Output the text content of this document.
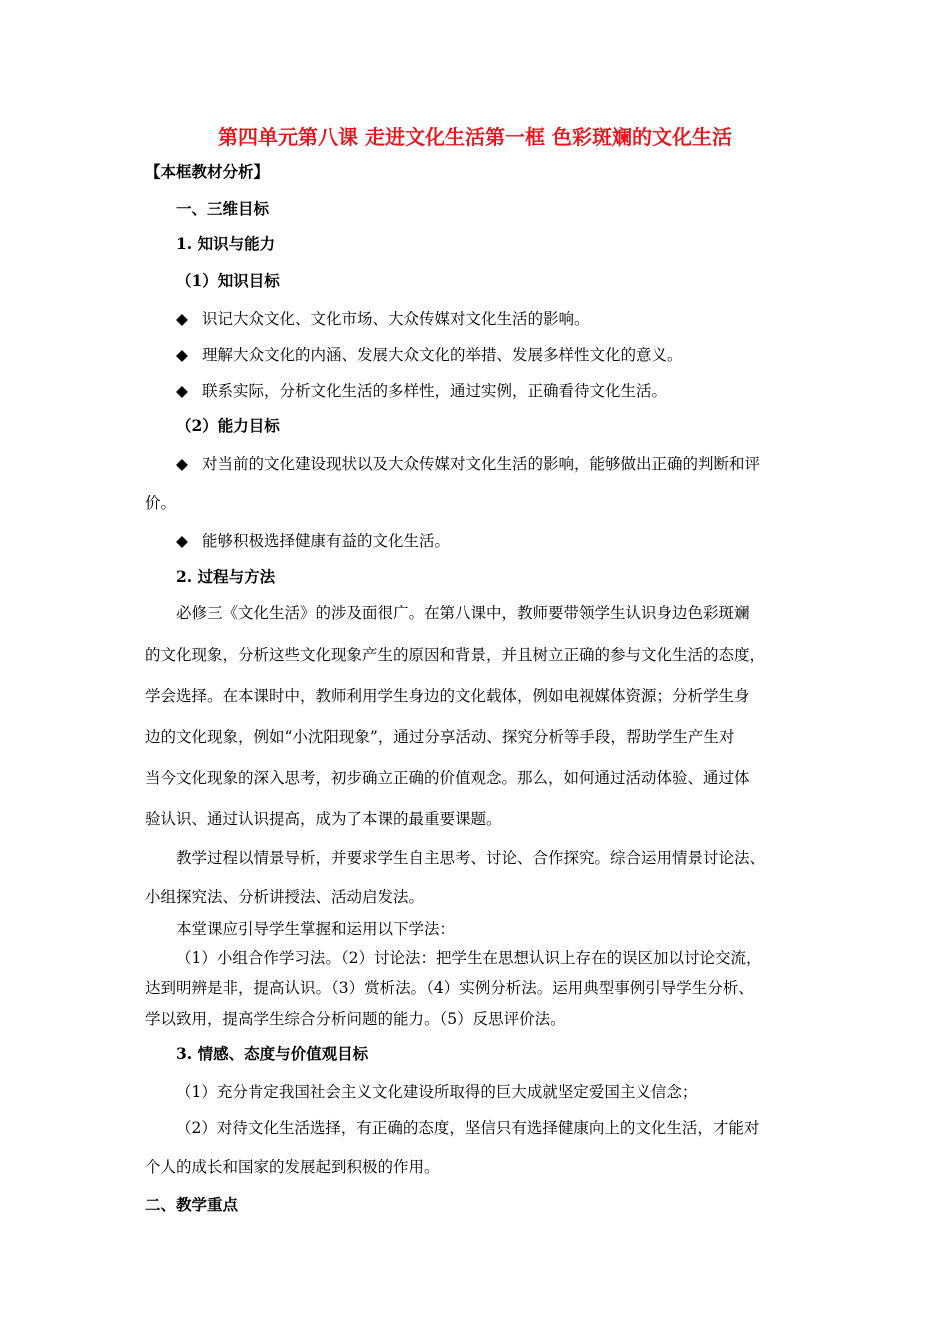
第四单元第八课 走进文化生活第一框 色彩斑斓的文化生活
【本框教材分析】
一、三维目标
1. 知识与能力
（1）知识目标
◆ 识记大众文化、文化市场、大众传媒对文化生活的影响。
◆ 理解大众文化的内涵、发展大众文化的举措、发展多样性文化的意义。
◆ 联系实际，分析文化生活的多样性，通过实例，正确看待文化生活。
（2）能力目标
◆ 对当前的文化建设现状以及大众传媒对文化生活的影响，能够做出正确的判断和评
价。
◆ 能够积极选择健康有益的文化生活。
2. 过程与方法
必修三《文化生活》的涉及面很广。在第八课中，教师要带领学生认识身边色彩斑斓
的文化现象，分析这些文化现象产生的原因和背景，并且树立正确的参与文化生活的态度，
学会选择。在本课时中，教师利用学生身边的文化载体，例如电视媒体资源；分析学生身
边的文化现象，例如“小沈阳现象”，通过分享活动、探究分析等手段，帮助学生产生对
当今文化现象的深入思考，初步确立正确的价值观念。那么，如何通过活动体验、通过体
验认识、通过认识提高，成为了本课的最重要课题。
教学过程以情景导析，并要求学生自主思考、讨论、合作探究。综合运用情景讨论法、
小组探究法、分析讲授法、活动启发法。
本堂课应引导学生掌握和运用以下学法：
（1）小组合作学习法。（2）讨论法：把学生在思想认识上存在的误区加以讨论交流，
达到明辨是非，提高认识。（3）赏析法。（4）实例分析法。运用典型事例引导学生分析、
学以致用，提高学生综合分析问题的能力。（5）反思评价法。
3. 情感、态度与价值观目标
（1）充分肯定我国社会主义文化建设所取得的巨大成就坚定爱国主义信念；
（2）对待文化生活选择，有正确的态度，坚信只有选择健康向上的文化生活，才能对
个人的成长和国家的发展起到积极的作用。
二、教学重点
